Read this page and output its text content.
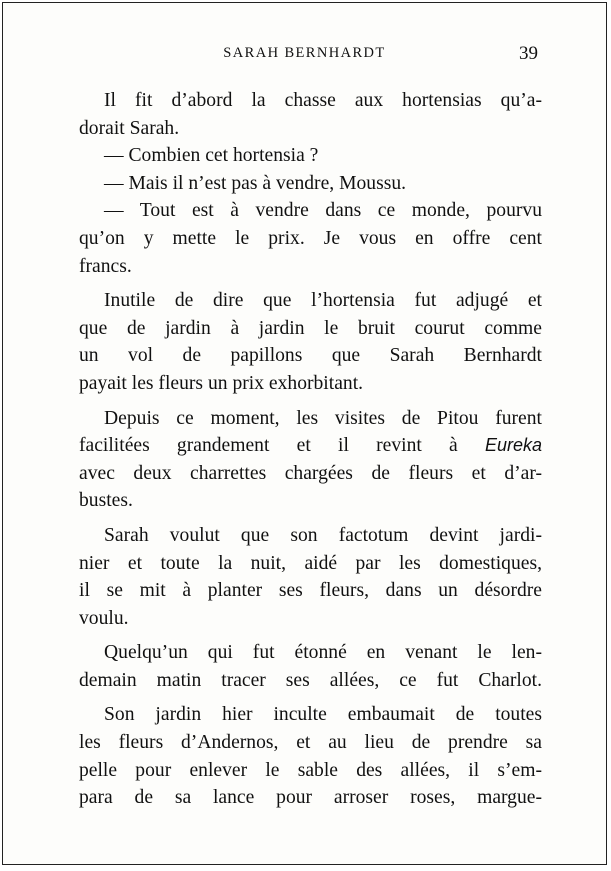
SARAH BERNHARDT	39

Il fit d’abord la chasse aux hortensias qu’a-
dorait Sarah.

— Combien cet hortensia ?

— Mais il n’est pas à vendre, Moussu.

— Tout est à vendre dans ce monde, pourvu
qu’on y mette le prix. Je vous en offre cent
francs.

Inutile de dire que l’hortensia fut adjugé et
que de jardin à jardin le bruit courut comme
un vol de papillons que Sarah Bernhardt
payait les fleurs un prix exhorbitant.

Depuis ce moment, les visites de Pitou furent
facilitées grandement et il revint à Eureka
avec deux charrettes chargées de fleurs et d’ar-
bustes.

Sarah voulut que son factotum devint jardi-
nier et toute la nuit, aidé par les domestiques,
il se mit à planter ses fleurs, dans un désordre
voulu.

Quelqu’un qui fut étonné en venant le len-
demain matin tracer ses allées, ce fut Charlot.

Son jardin hier inculte embaumait de toutes
les fleurs d’Andernos, et au lieu de prendre sa
pelle pour enlever le sable des allées, il s’em-
para de sa lance pour arroser roses, margue-
